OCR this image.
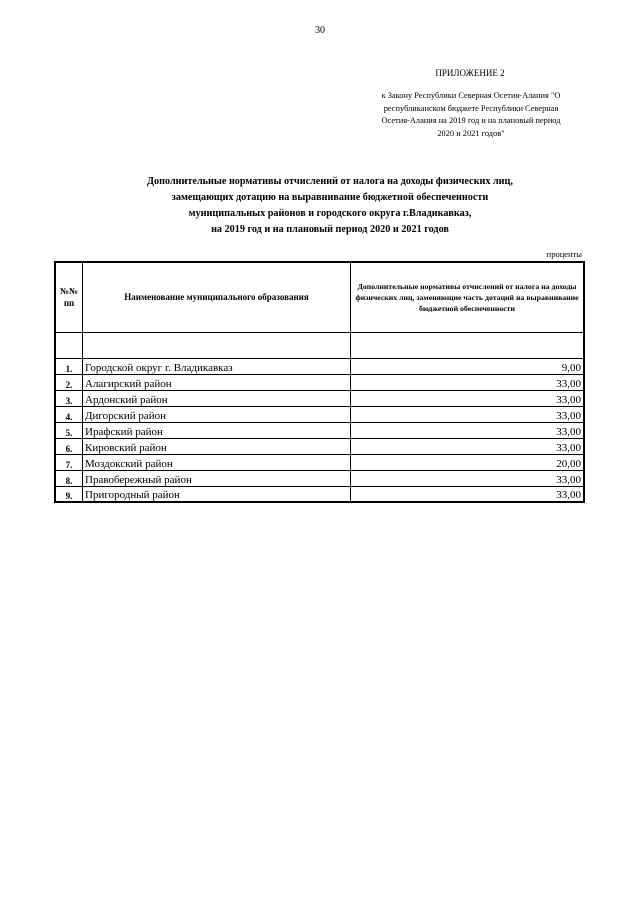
30
ПРИЛОЖЕНИЕ 2
к Закону Республики Северная Осетия-Алания "О
республиканском бюджете Республики Северная
Осетия-Алания на 2019 год и на плановый период
2020 и 2021 годов"
Дополнительные нормативы отчислений от налога на доходы физических лиц,
замещающих дотацию на выравнивание бюджетной обеспеченности
муниципальных районов и городского округа г.Владикавказ,
на 2019 год и на плановый период 2020 и 2021 годов
проценты
№№ пп	Наименование муниципального образования	Дополнительные нормативы отчислений от налога на доходы физических лиц, заменяющие часть дотаций на выравнивание бюджетной обеспеченности

1.	Городской округ г. Владикавказ	9,00
2.	Алагирский район	33,00
3.	Ардонский район	33,00
4.	Дигорский район	33,00
5.	Ирафский район	33,00
6.	Кировский район	33,00
7.	Моздокский район	20,00
8.	Правобережный район	33,00
9.	Пригородный район	33,00
